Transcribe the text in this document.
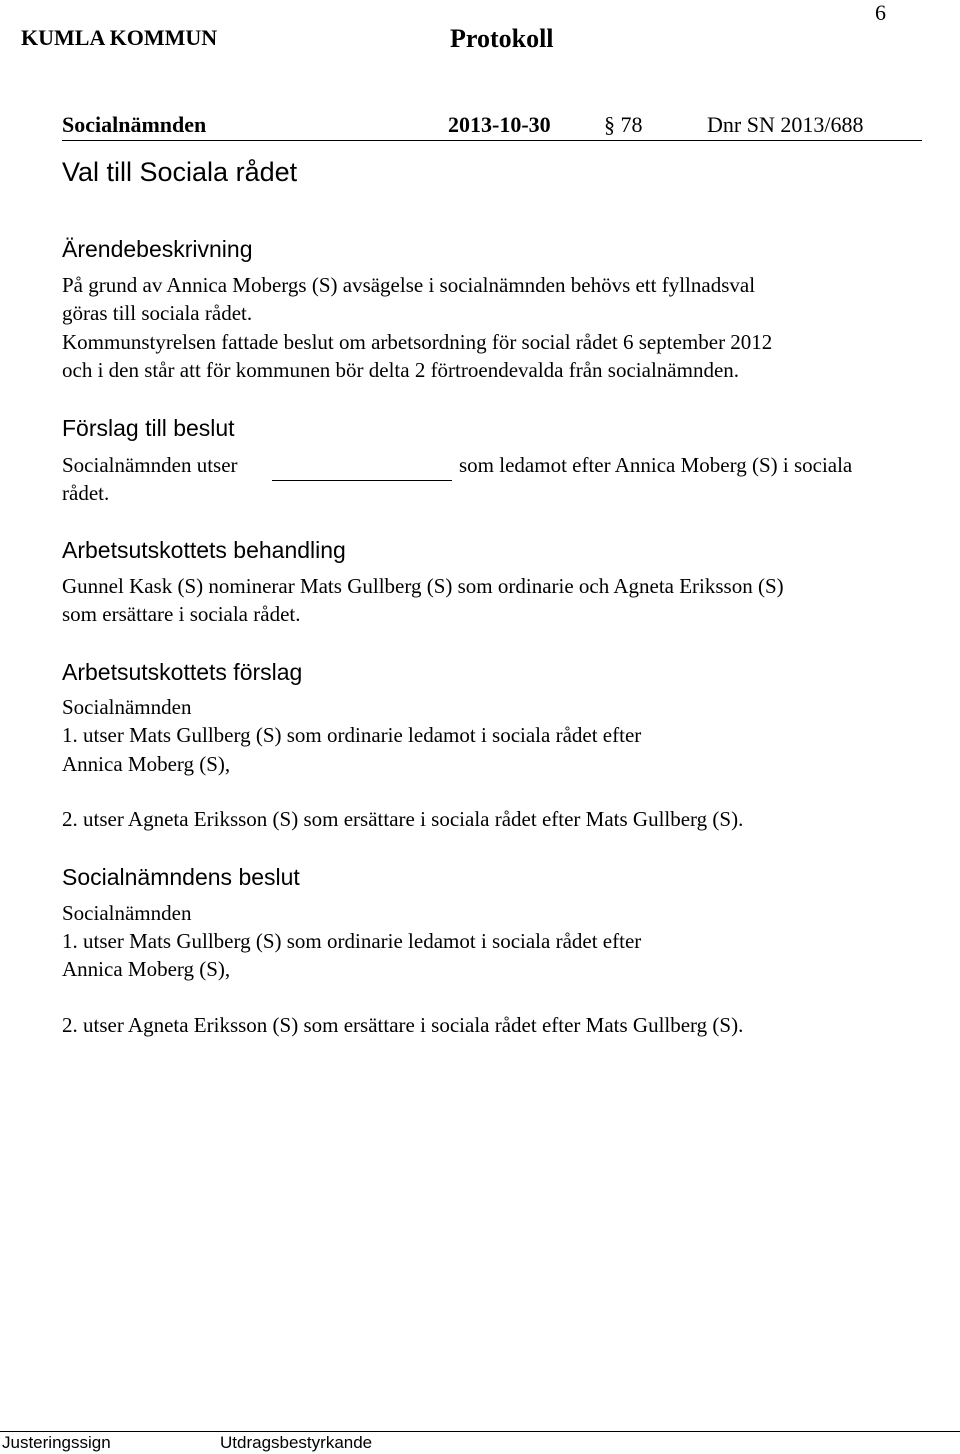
6
KUMLA KOMMUN	Protokoll
Socialnämnden	2013-10-30 § 78	Dnr SN 2013/688
Val till Sociala rådet
Ärendebeskrivning
På grund av Annica Mobergs (S) avsägelse i socialnämnden behövs ett fyllnadsval
göras till sociala rådet.
Kommunstyrelsen fattade beslut om arbetsordning för social rådet 6 september 2012
och i den står att för kommunen bör delta 2 förtroendevalda från socialnämnden.
Förslag till beslut
Socialnämnden utser	som ledamot efter Annica Moberg (S) i sociala
rådet.
Arbetsutskottets behandling
Gunnel Kask (S) nominerar Mats Gullberg (S) som ordinarie och Agneta Eriksson (S)
som ersättare i sociala rådet.
Arbetsutskottets förslag
Socialnämnden
1. utser Mats Gullberg (S) som ordinarie ledamot i sociala rådet efter
Annica Moberg (S),
2. utser Agneta Eriksson (S) som ersättare i sociala rådet efter Mats Gullberg (S).
Socialnämndens beslut
Socialnämnden
1. utser Mats Gullberg (S) som ordinarie ledamot i sociala rådet efter
Annica Moberg (S),
2. utser Agneta Eriksson (S) som ersättare i sociala rådet efter Mats Gullberg (S).
Justeringssign	Utdragsbestyrkande
